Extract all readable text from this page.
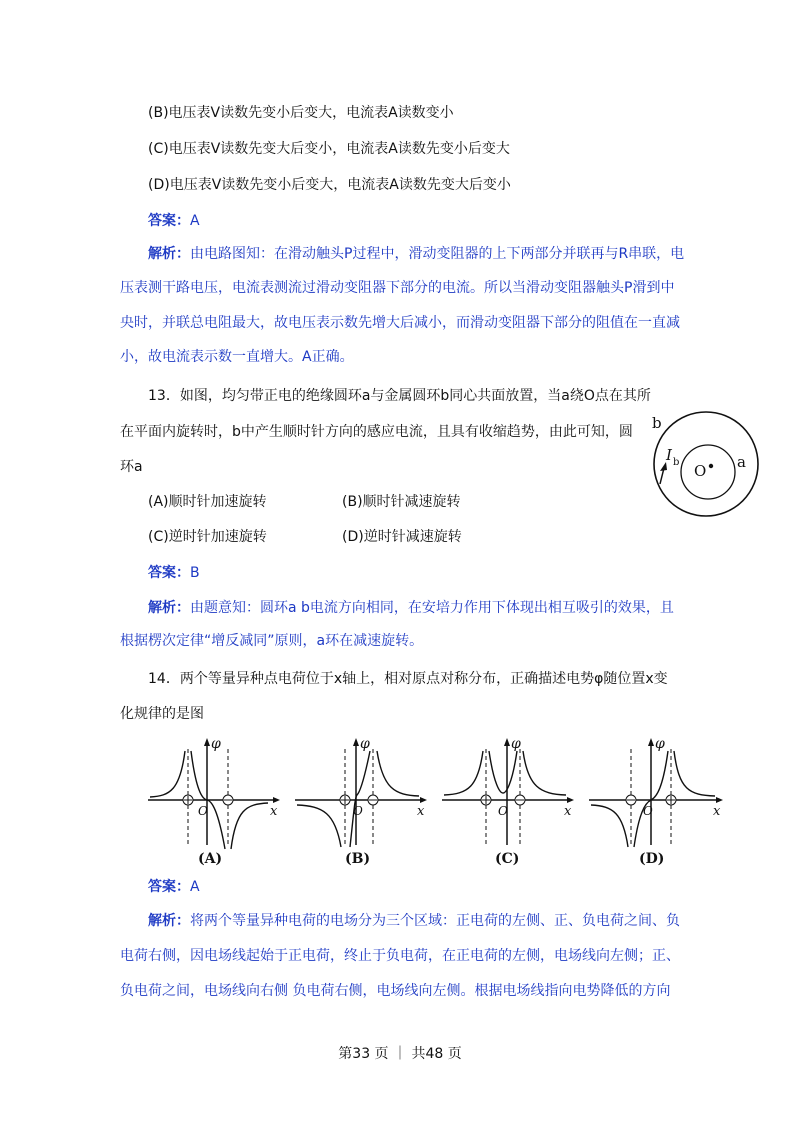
(B)电压表V读数先变小后变大，电流表A读数变小
(C)电压表V读数先变大后变小，电流表A读数先变小后变大
(D)电压表V读数先变小后变大，电流表A读数先变大后变小
答案：A
解析：由电路图知：在滑动触头P过程中，滑动变阻器的上下两部分并联再与R串联，电
压表测干路电压，电流表测流过滑动变阻器下部分的电流。所以当滑动变阻器触头P滑到中
央时，并联总电阻最大，故电压表示数先增大后减小，而滑动变阻器下部分的阻值在一直减
小，故电流表示数一直增大。A正确。
13．如图，均匀带正电的绝缘圆环a与金属圆环b同心共面放置，当a绕O点在其所
在平面内旋转时，b中产生顺时针方向的感应电流，且具有收缩趋势，由此可知，圆
环a
b
O a
I b
(A)顺时针加速旋转	(B)顺时针减速旋转
(C)逆时针加速旋转	(D)逆时针减速旋转
答案：B
解析：由题意知：圆环a b电流方向相同，在安培力作用下体现出相互吸引的效果，且
根据楞次定律“增反减同”原则，a环在减速旋转。
14．两个等量异种点电荷位于x轴上，相对原点对称分布，正确描述电势φ随位置x变
化规律的是图
φ
x
O
(A)
φ
x
O
(B)
φ
x
O
(C)
φ
x
O
(D)
答案：A
解析：将两个等量异种电荷的电场分为三个区域：正电荷的左侧、正、负电荷之间、负
电荷右侧，因电场线起始于正电荷，终止于负电荷，在正电荷的左侧，电场线向左侧；正、
负电荷之间，电场线向右侧 负电荷右侧，电场线向左侧。根据电场线指向电势降低的方向
第33 页 ｜ 共48 页
